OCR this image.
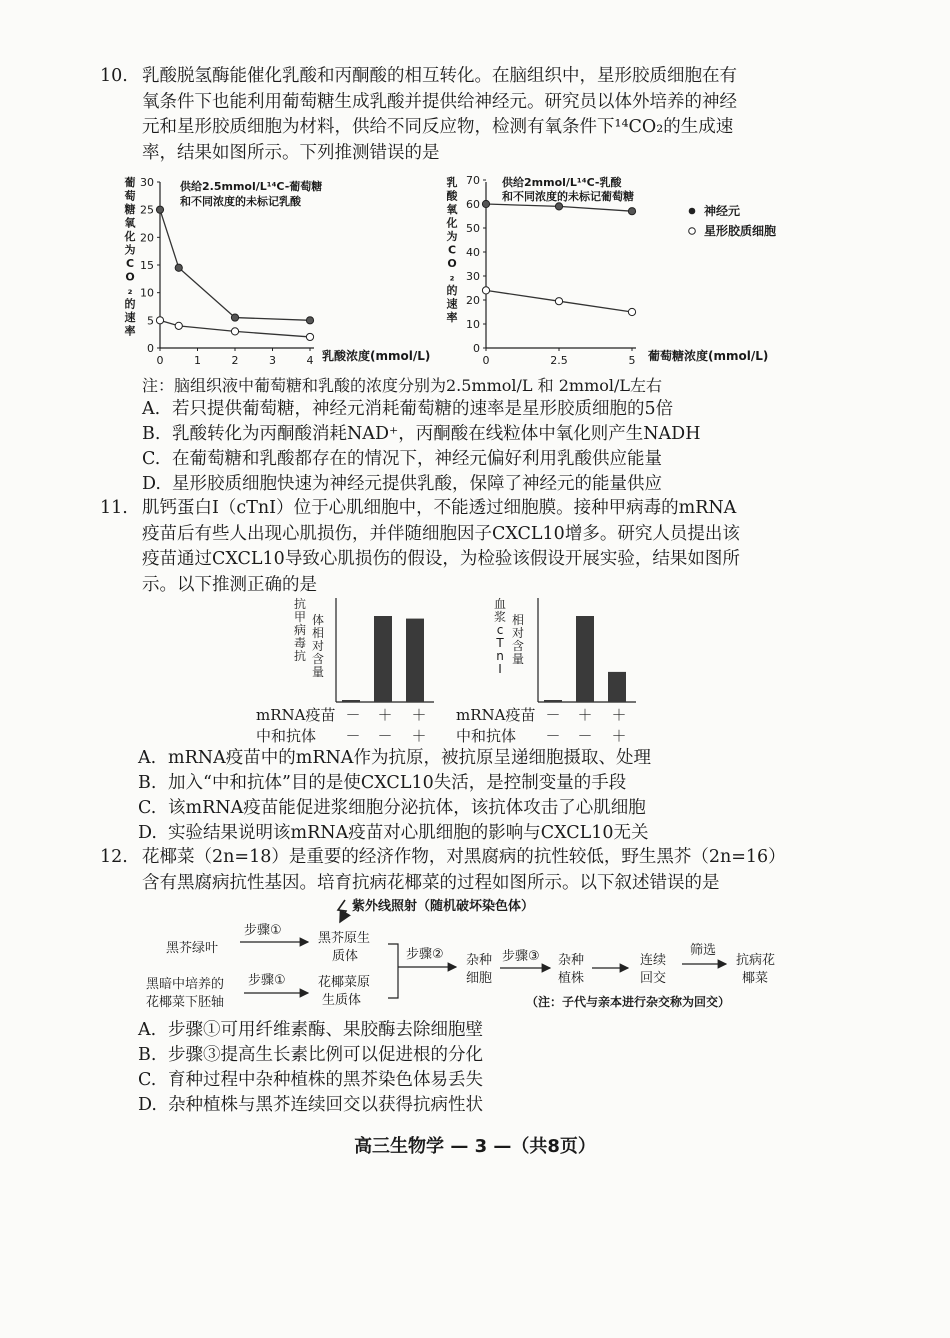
10. 乳酸脱氢酶能催化乳酸和丙酮酸的相互转化。在脑组织中，星形胶质细胞在有
氧条件下也能利用葡萄糖生成乳酸并提供给神经元。研究员以体外培养的神经
元和星形胶质细胞为材料，供给不同反应物，检测有氧条件下¹⁴CO₂的生成速
率，结果如图所示。下列推测错误的是
葡
萄
糖
氧
化
为
C
O
₂
的
速
率
0
5
10
15
20
25
30
0	1	2	3	4
供给2.5mmol/L¹⁴C-葡萄糖
和不同浓度的未标记乳酸
乳酸浓度(mmol/L)
乳
酸
氧
化
为
C
O
₂
的
速
率
0
10
20
30
40
50
60
70
0	2.5	5
供给2mmol/L¹⁴C-乳酸
和不同浓度的未标记葡萄糖
神经元
星形胶质细胞
葡萄糖浓度(mmol/L)
注：脑组织液中葡萄糖和乳酸的浓度分别为2.5mmol/L 和 2mmol/L左右
A. 若只提供葡萄糖，神经元消耗葡萄糖的速率是星形胶质细胞的5倍
B. 乳酸转化为丙酮酸消耗NAD⁺，丙酮酸在线粒体中氧化则产生NADH
C. 在葡萄糖和乳酸都存在的情况下，神经元偏好利用乳酸供应能量
D. 星形胶质细胞快速为神经元提供乳酸，保障了神经元的能量供应
11. 肌钙蛋白I（cTnI）位于心肌细胞中，不能透过细胞膜。接种甲病毒的mRNA
疫苗后有些人出现心肌损伤，并伴随细胞因子CXCL10增多。研究人员提出该
疫苗通过CXCL10导致心肌损伤的假设，为检验该假设开展实验，结果如图所
示。以下推测正确的是
抗
甲
病
毒
抗
体
相
对
含
量
血
浆
c
T
n
I
相
对
含
量
mRNA疫苗 － ＋ ＋
中和抗体 － － ＋
mRNA疫苗 － ＋ ＋
中和抗体 － － ＋
A. mRNA疫苗中的mRNA作为抗原，被抗原呈递细胞摄取、处理
B. 加入“中和抗体”目的是使CXCL10失活，是控制变量的手段
C. 该mRNA疫苗能促进浆细胞分泌抗体，该抗体攻击了心肌细胞
D. 实验结果说明该mRNA疫苗对心肌细胞的影响与CXCL10无关
12. 花椰菜（2n=18）是重要的经济作物，对黑腐病的抗性较低，野生黑芥（2n=16）
含有黑腐病抗性基因。培育抗病花椰菜的过程如图所示。以下叙述错误的是
紫外线照射（随机破坏染色体）
黑芥绿叶
步骤①
黑芥原生
质体
黑暗中培养的
花椰菜下胚轴
步骤① 花椰菜原
生质体
步骤② 杂种
细胞
步骤③ 杂种
植株
连续
回交
筛选
抗病花
椰菜
（注：子代与亲本进行杂交称为回交）
A. 步骤①可用纤维素酶、果胶酶去除细胞壁
B. 步骤③提高生长素比例可以促进根的分化
C. 育种过程中杂种植株的黑芥染色体易丢失
D. 杂种植株与黑芥连续回交以获得抗病性状
高三生物学 — 3 —（共8页）
